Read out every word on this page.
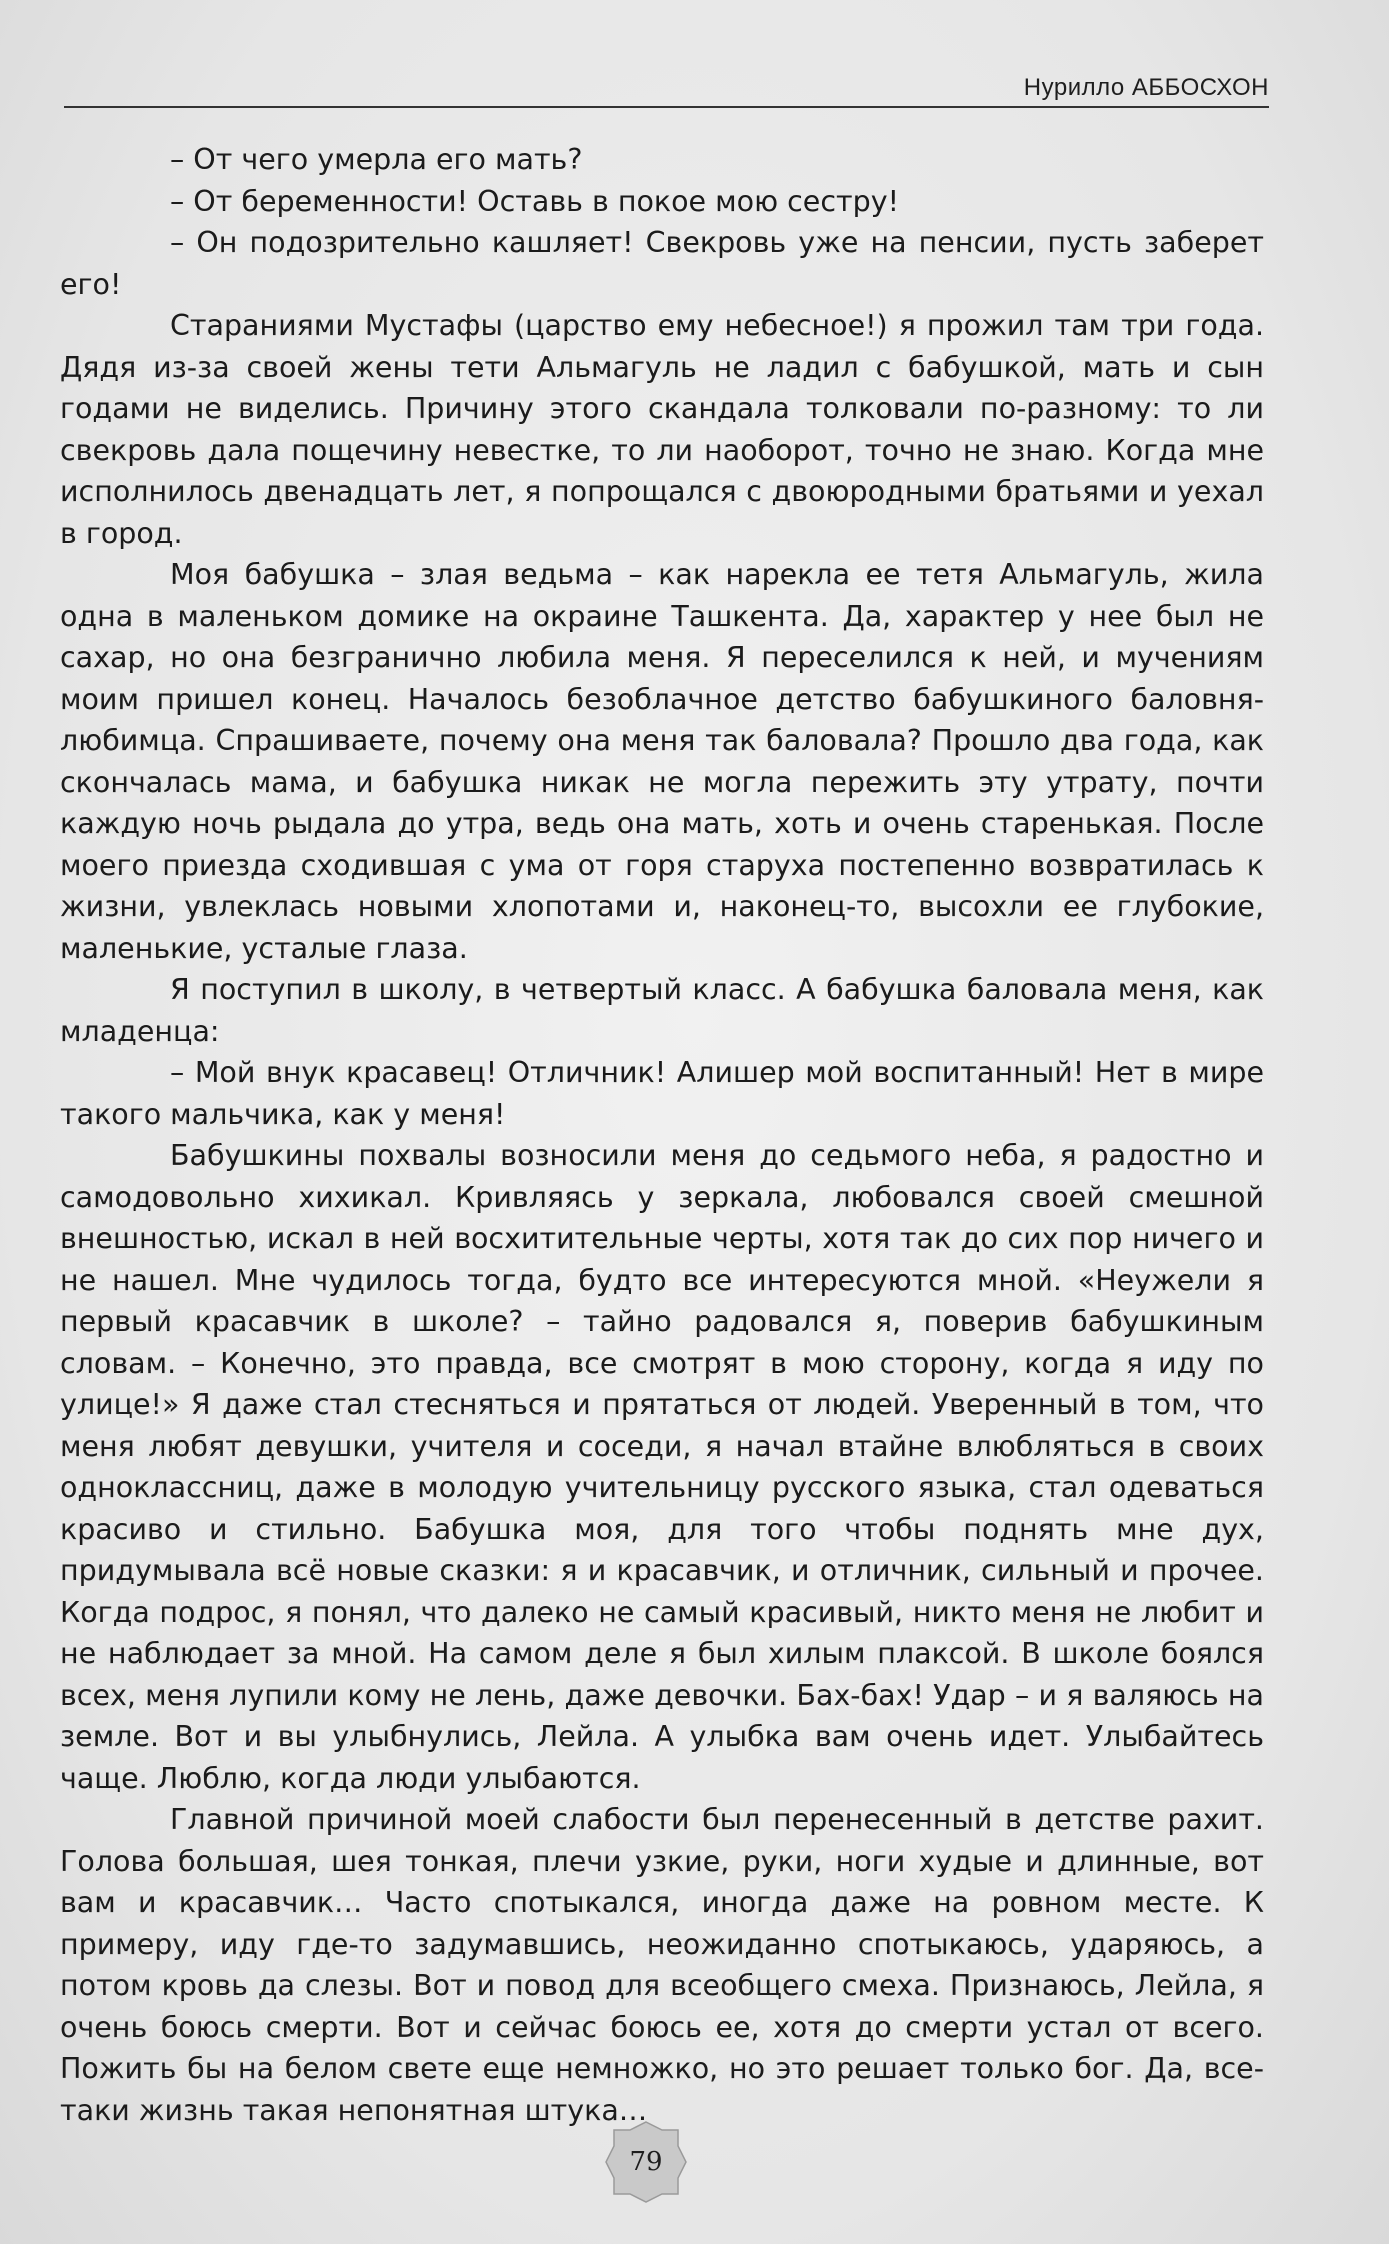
Нурилло АББОСХОН

– От чего умерла его мать?

– От беременности! Оставь в покое мою сестру!

– Он подозрительно кашляет! Свекровь уже на пенсии, пусть заберет его!

Стараниями Мустафы (царство ему небесное!) я прожил там три года. Дядя из-за своей жены тети Альмагуль не ладил с бабушкой, мать и сын годами не виделись. Причину этого скандала толковали по-разному: то ли свекровь дала пощечину невестке, то ли наоборот, точно не знаю. Когда мне исполнилось двенадцать лет, я попрощался с двоюродными братьями и уехал в город.

Моя бабушка – злая ведьма – как нарекла ее тетя Альмагуль, жила одна в маленьком домике на окраине Ташкента. Да, характер у нее был не сахар, но она безгранично любила меня. Я переселился к ней, и мучениям моим пришел конец. Началось безоблачное детство бабушкиного баловня-любимца. Спрашиваете, почему она меня так баловала? Прошло два года, как скончалась мама, и бабушка никак не могла пережить эту утрату, почти каждую ночь рыдала до утра, ведь она мать, хоть и очень старенькая. После моего приезда сходившая с ума от горя старуха постепенно возвратилась к жизни, увлеклась новыми хлопотами и, наконец-то, высохли ее глубокие, маленькие, усталые глаза.

Я поступил в школу, в четвертый класс. А бабушка баловала меня, как младенца:

– Мой внук красавец! Отличник! Алишер мой воспитанный! Нет в мире такого мальчика, как у меня!

Бабушкины похвалы возносили меня до седьмого неба, я радостно и самодовольно хихикал. Кривляясь у зеркала, любовался своей смешной внешностью, искал в ней восхитительные черты, хотя так до сих пор ничего и не нашел. Мне чудилось тогда, будто все интересуются мной. «Неужели я первый красавчик в школе? – тайно радовался я, поверив бабушкиным словам. – Конечно, это правда, все смотрят в мою сторону, когда я иду по улице!» Я даже стал стесняться и прятаться от людей. Уверенный в том, что меня любят девушки, учителя и соседи, я начал втайне влюбляться в своих одноклассниц, даже в молодую учительницу русского языка, стал одеваться красиво и стильно. Бабушка моя, для того чтобы поднять мне дух, придумывала всё новые сказки: я и красавчик, и отличник, сильный и прочее. Когда подрос, я понял, что далеко не самый красивый, никто меня не любит и не наблюдает за мной. На самом деле я был хилым плаксой. В школе боялся всех, меня лупили кому не лень, даже девочки. Бах-бах! Удар – и я валяюсь на земле. Вот и вы улыбнулись, Лейла. А улыбка вам очень идет. Улыбайтесь чаще. Люблю, когда люди улыбаются.

Главной причиной моей слабости был перенесенный в детстве рахит. Голова большая, шея тонкая, плечи узкие, руки, ноги худые и длинные, вот вам и красавчик… Часто спотыкался, иногда даже на ровном месте. К примеру, иду где-то задумавшись, неожиданно спотыкаюсь, ударяюсь, а потом кровь да слезы. Вот и повод для всеобщего смеха. Признаюсь, Лейла, я очень боюсь смерти. Вот и сейчас боюсь ее, хотя до смерти устал от всего. Пожить бы на белом свете еще немножко, но это решает только бог. Да, все-таки жизнь такая непонятная штука…

79
